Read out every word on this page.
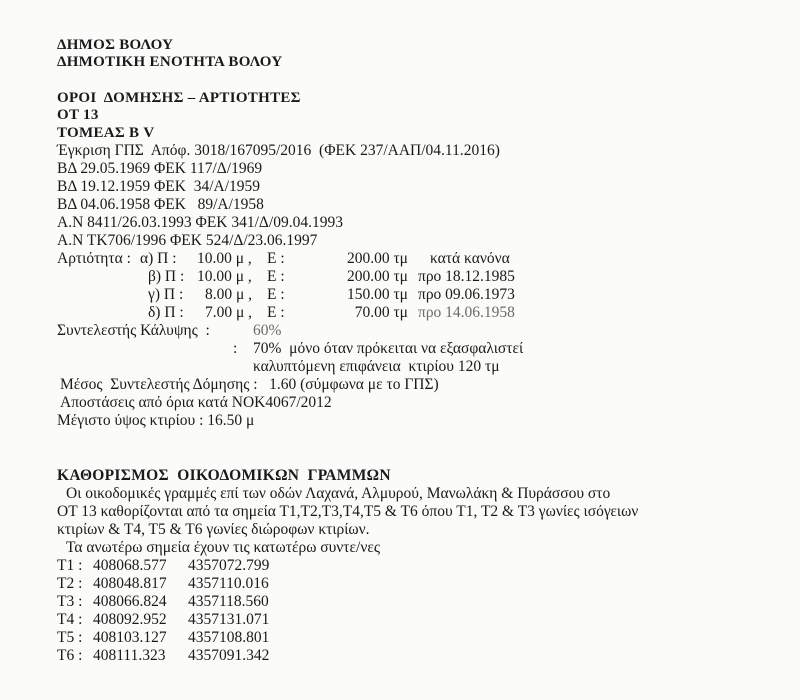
ΔΗΜΟΣ ΒΟΛΟΥ
ΔΗΜΟΤΙΚΗ ΕΝΟΤΗΤΑ ΒΟΛΟΥ
ΟΡΟΙ  ΔΟΜΗΣΗΣ – ΑΡΤΙΟΤΗΤΕΣ
ΟΤ 13
ΤΟΜΕΑΣ Β V
Έγκριση ΓΠΣ  Απόφ. 3018/167095/2016  (ΦΕΚ 237/ΑΑΠ/04.11.2016)
ΒΔ 29.05.1969 ΦΕΚ 117/Δ/1969
ΒΔ 19.12.1959 ΦΕΚ  34/Α/1959
ΒΔ 04.06.1958 ΦΕΚ   89/Α/1958
Α.Ν 8411/26.03.1993 ΦΕΚ 341/Δ/09.04.1993
Α.Ν ΤΚ706/1996 ΦΕΚ 524/Δ/23.06.1997
Αρτιότητα : α) Π : 10.00 μ , Ε :	200.00 τμ κατά κανόνα
β) Π : 10.00 μ , Ε :	200.00 τμ προ 18.12.1985
γ) Π : 8.00 μ , Ε :	150.00 τμ προ 09.06.1973
δ) Π : 7.00 μ , Ε :	70.00 τμ προ 14.06.1958
Συντελεστής Κάλυψης  :	60%
: 70%  μόνο όταν πρόκειται να εξασφαλιστεί
καλυπτόμενη επιφάνεια  κτιρίου 120 τμ
Μέσος  Συντελεστής Δόμησης :   1.60 (σύμφωνα με το ΓΠΣ)
Αποστάσεις από όρια κατά ΝΟΚ4067/2012
Μέγιστο ύψος κτιρίου : 16.50 μ
ΚΑΘΟΡΙΣΜΟΣ  ΟΙΚΟΔΟΜΙΚΩΝ  ΓΡΑΜΜΩΝ
Οι οικοδομικές γραμμές επί των οδών Λαχανά, Αλμυρού, Μανωλάκη & Πυράσσου στο
ΟΤ 13 καθορίζονται από τα σημεία Τ1,Τ2,Τ3,Τ4,Τ5 & Τ6 όπου Τ1, Τ2 & Τ3 γωνίες ισόγειων
κτιρίων & Τ4, Τ5 & Τ6 γωνίες διώροφων κτιρίων.
Τα ανωτέρω σημεία έχουν τις κατωτέρω συντε/νες
Τ1 : 408068.577 4357072.799
Τ2 : 408048.817 4357110.016
Τ3 : 408066.824 4357118.560
Τ4 : 408092.952 4357131.071
Τ5 : 408103.127 4357108.801
Τ6 : 408111.323 4357091.342
